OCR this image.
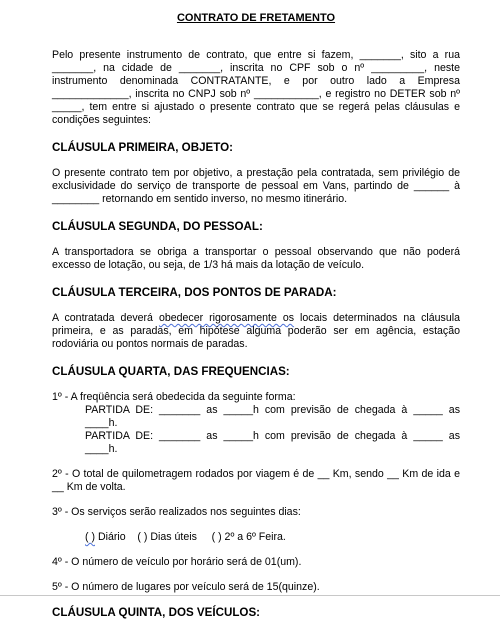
CONTRATO DE FRETAMENTO

Pelo presente instrumento de contrato, que entre si fazem, _______, sito a rua _______, na cidade de _______, inscrita no CPF sob o nº _________, neste instrumento denominada CONTRATANTE, e por outro lado a Empresa _____________, inscrita no CNPJ sob nº ___________, e registro no DETER sob nº _____, tem entre si ajustado o presente contrato que se regerá pelas cláusulas e condições seguintes:

CLÁUSULA PRIMEIRA, OBJETO:

O presente contrato tem por objetivo, a prestação pela contratada, sem privilégio de exclusividade do serviço de transporte de pessoal em Vans, partindo de ______ à ________ retornando em sentido inverso, no mesmo itinerário.

CLÁUSULA SEGUNDA, DO PESSOAL:

A transportadora se obriga a transportar o pessoal observando que não poderá excesso de lotação, ou seja, de 1/3 há mais da lotação de veículo.

CLÁUSULA TERCEIRA, DOS PONTOS DE PARADA:

A contratada deverá obedecer rigorosamente os locais determinados na cláusula primeira, e as paradas, em hipótese alguma poderão ser em agência, estação rodoviária ou pontos normais de paradas.

CLÁUSULA QUARTA, DAS FREQUENCIAS:

1º - A freqüência será obedecida da seguinte forma:

PARTIDA DE: _______ as _____h com previsão de chegada à _____ as ____h.

PARTIDA DE: _______ as _____h com previsão de chegada à _____ as ____h.

2º - O total de quilometragem rodados por viagem é de __ Km, sendo __ Km de ida e __ Km de volta.

3º - Os serviços serão realizados nos seguintes dias:

( ) Diário ( ) Dias úteis ( ) 2º a 6º Feira.

4º - O número de veículo por horário será de 01(um).

5º - O número de lugares por veículo será de 15(quinze).

CLÁUSULA QUINTA, DOS VEÍCULOS:
